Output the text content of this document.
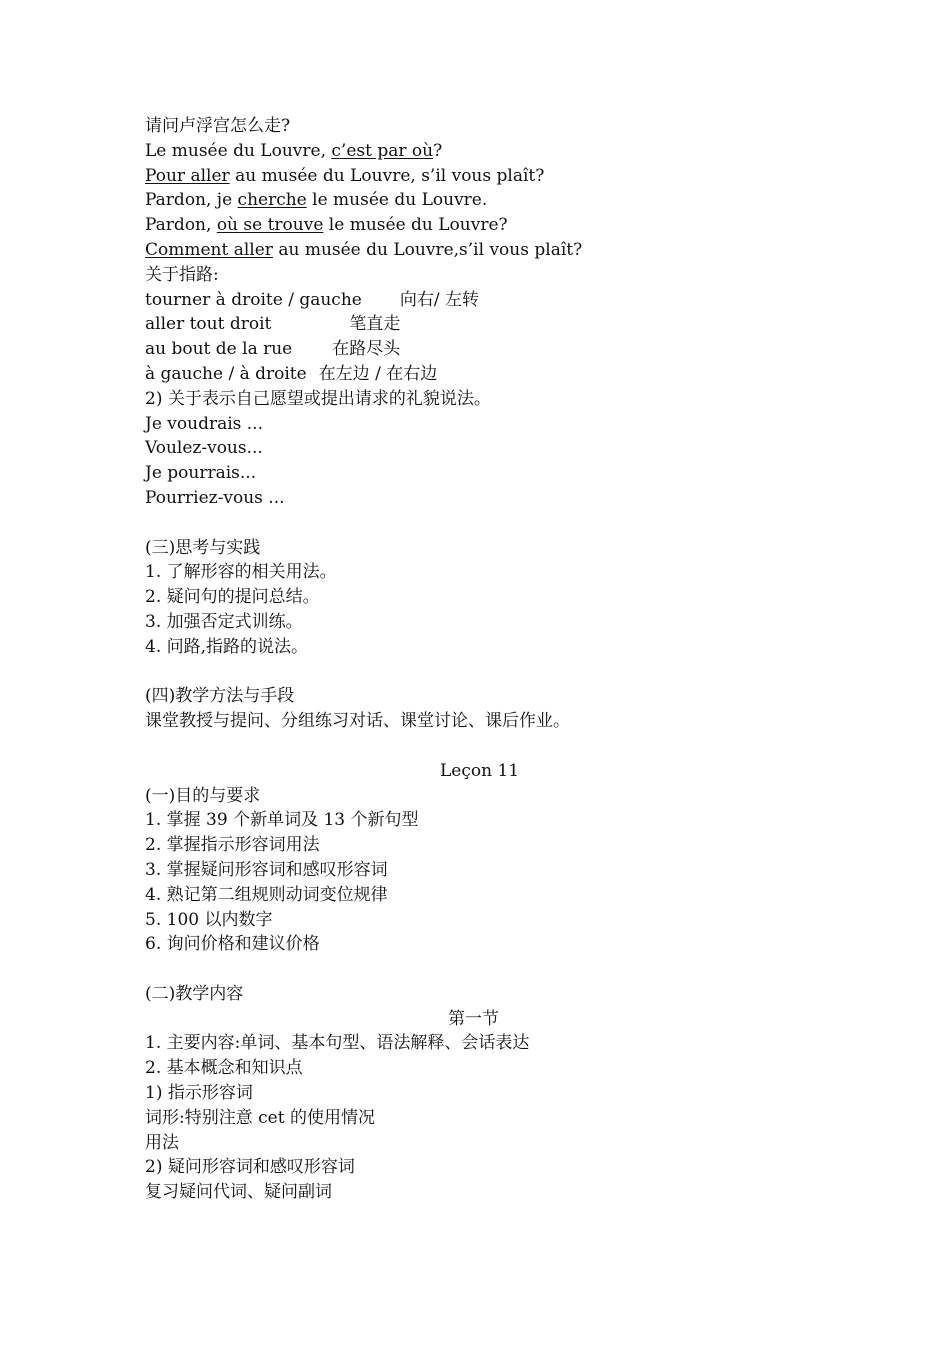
请问卢浮宫怎么走?
Le musée du Louvre, c’est par où?
Pour aller au musée du Louvre, s’il vous plaît?
Pardon, je cherche le musée du Louvre.
Pardon, où se trouve le musée du Louvre?
Comment aller au musée du Louvre,s’il vous plaît?
关于指路:
tourner à droite / gauche 向右/ 左转
aller tout droit	笔直走
au bout de la rue 在路尽头
à gauche / à droite 在左边 / 在右边
2) 关于表示自己愿望或提出请求的礼貌说法。
Je voudrais ...
Voulez-vous...
Je pourrais...
Pourriez-vous ...
(三)思考与实践
1. 了解形容的相关用法。
2. 疑问句的提问总结。
3. 加强否定式训练。
4. 问路,指路的说法。
(四)教学方法与手段
课堂教授与提问、分组练习对话、课堂讨论、课后作业。
Leçon 11
(一)目的与要求
1. 掌握 39 个新单词及 13 个新句型
2. 掌握指示形容词用法
3. 掌握疑问形容词和感叹形容词
4. 熟记第二组规则动词变位规律
5. 100 以内数字
6. 询问价格和建议价格
(二)教学内容
第一节
1. 主要内容:单词、基本句型、语法解释、会话表达
2. 基本概念和知识点
1) 指示形容词
词形:特别注意 cet 的使用情况
用法
2) 疑问形容词和感叹形容词
复习疑问代词、疑问副词
